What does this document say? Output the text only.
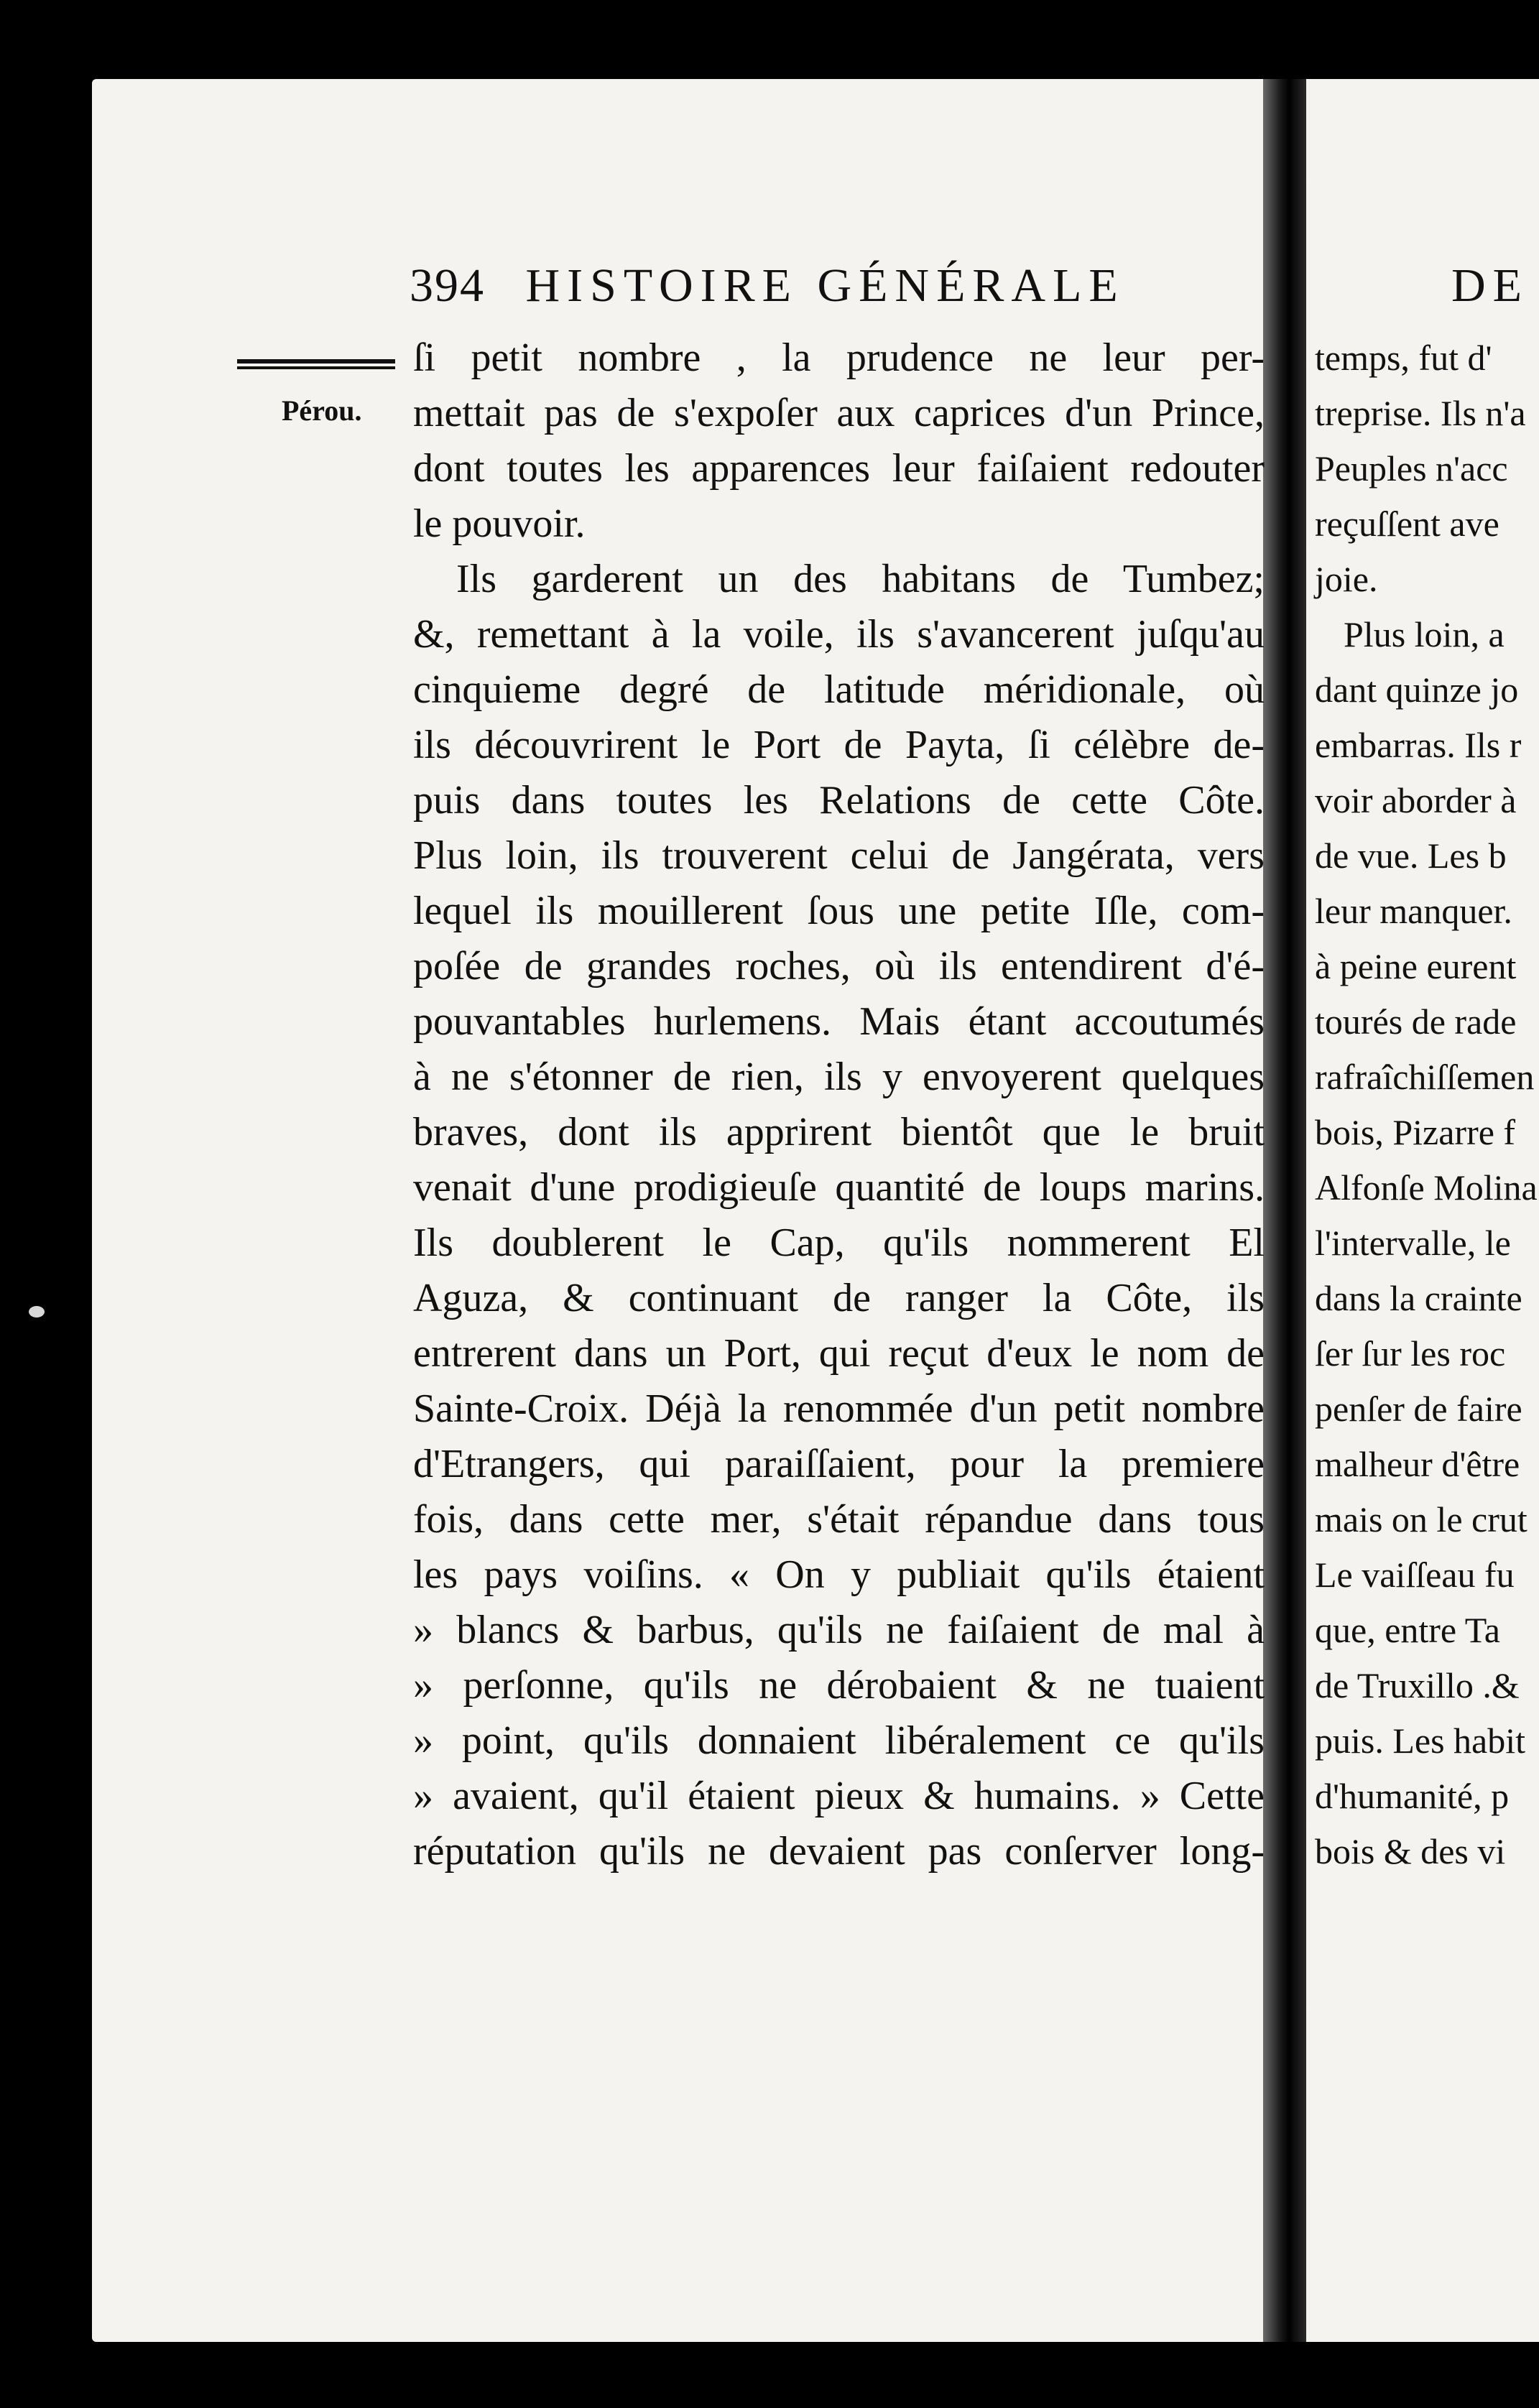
394 HISTOIRE GÉNÉRALE
Pérou.
ſi petit nombre , la prudence ne leur per-
mettait pas de s'expoſer aux caprices d'un Prince,
dont toutes les apparences leur faiſaient redouter
le pouvoir.
Ils garderent un des habitans de Tumbez;
&, remettant à la voile, ils s'avancerent juſqu'au
cinquieme degré de latitude méridionale, où
ils découvrirent le Port de Payta, ſi célèbre de-
puis dans toutes les Relations de cette Côte.
Plus loin, ils trouverent celui de Jangérata, vers
lequel ils mouillerent ſous une petite Iſle, com-
poſée de grandes roches, où ils entendirent d'é-
pouvantables hurlemens. Mais étant accoutumés
à ne s'étonner de rien, ils y envoyerent quelques
braves, dont ils apprirent bientôt que le bruit
venait d'une prodigieuſe quantité de loups marins.
Ils doublerent le Cap, qu'ils nommerent El
Aguza, & continuant de ranger la Côte, ils
entrerent dans un Port, qui reçut d'eux le nom de
Sainte-Croix. Déjà la renommée d'un petit nombre
d'Etrangers, qui paraiſſaient, pour la premiere
fois, dans cette mer, s'était répandue dans tous
les pays voiſins. « On y publiait qu'ils étaient
» blancs & barbus, qu'ils ne faiſaient de mal à
» perſonne, qu'ils ne dérobaient & ne tuaient
» point, qu'ils donnaient libéralement ce qu'ils
» avaient, qu'il étaient pieux & humains. » Cette
réputation qu'ils ne devaient pas conſerver long-
DE
temps, fut d'
treprise. Ils n'a
Peuples n'acc
reçuſſent ave
joie.
Plus loin, a
dant quinze jo
embarras. Ils r
voir aborder à
de vue. Les b
leur manquer.
à peine eurent
tourés de rade
rafraîchiſſemen
bois, Pizarre f
Alfonſe Molina
l'intervalle, le
dans la crainte
ſer ſur les roc
penſer de faire
malheur d'être
mais on le crut
Le vaiſſeau fu
que, entre Ta
de Truxillo .&
puis. Les habit
d'humanité, p
bois & des vi
